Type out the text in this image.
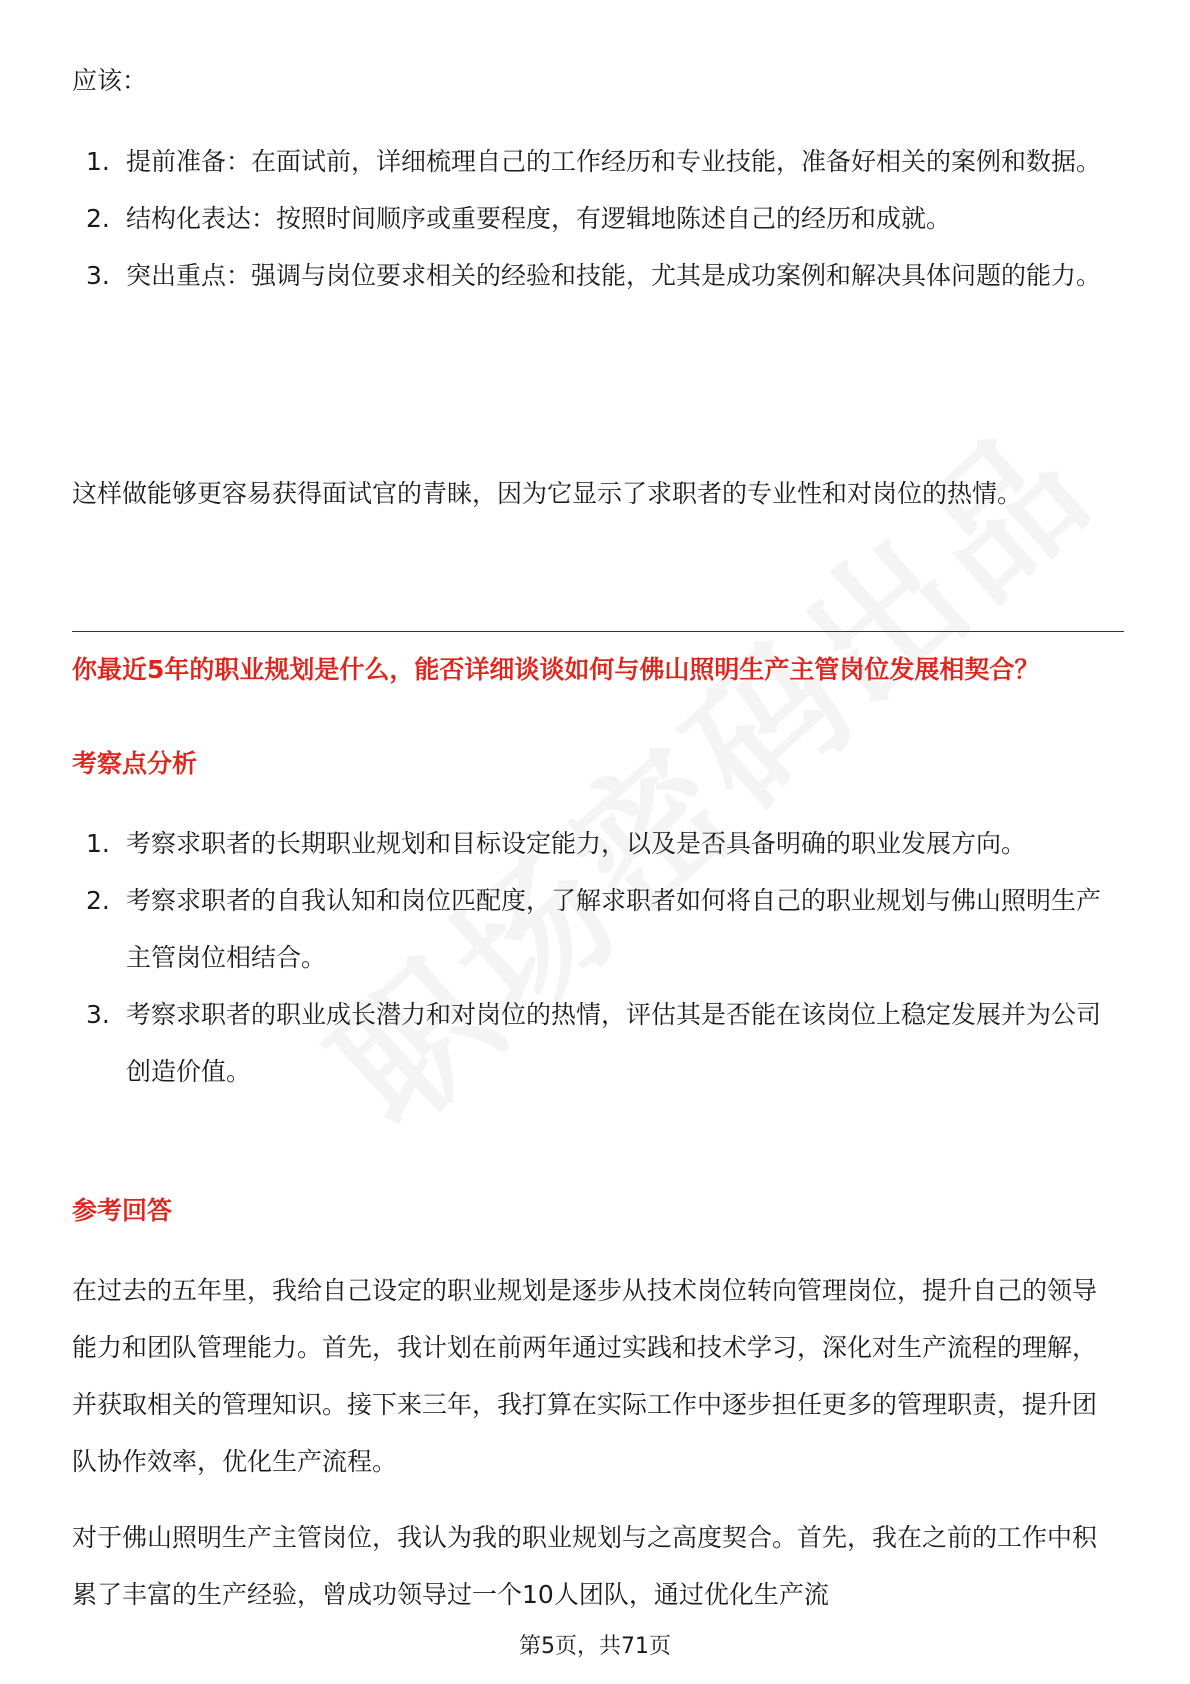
应该：

1. 提前准备：在面试前，详细梳理自己的工作经历和专业技能，准备好相关的案例和数据。
2. 结构化表达：按照时间顺序或重要程度，有逻辑地陈述自己的经历和成就。
3. 突出重点：强调与岗位要求相关的经验和技能，尤其是成功案例和解决具体问题的能力。

这样做能够更容易获得面试官的青睐，因为它显示了求职者的专业性和对岗位的热情。

你最近5年的职业规划是什么，能否详细谈谈如何与佛山照明生产主管岗位发展相契合？
考察点分析
1. 考察求职者的长期职业规划和目标设定能力，以及是否具备明确的职业发展方向。
2. 考察求职者的自我认知和岗位匹配度，了解求职者如何将自己的职业规划与佛山照明生产主管岗位相结合。
3. 考察求职者的职业成长潜力和对岗位的热情，评估其是否能在该岗位上稳定发展并为公司创造价值。
参考回答

在过去的五年里，我给自己设定的职业规划是逐步从技术岗位转向管理岗位，提升自己的领导能力和团队管理能力。首先，我计划在前两年通过实践和技术学习，深化对生产流程的理解，并获取相关的管理知识。接下来三年，我打算在实际工作中逐步担任更多的管理职责，提升团队协作效率，优化生产流程。

对于佛山照明生产主管岗位，我认为我的职业规划与之高度契合。首先，我在之前的工作中积累了丰富的生产经验，曾成功领导过一个10人团队，通过优化生产流

第5页，共71页
